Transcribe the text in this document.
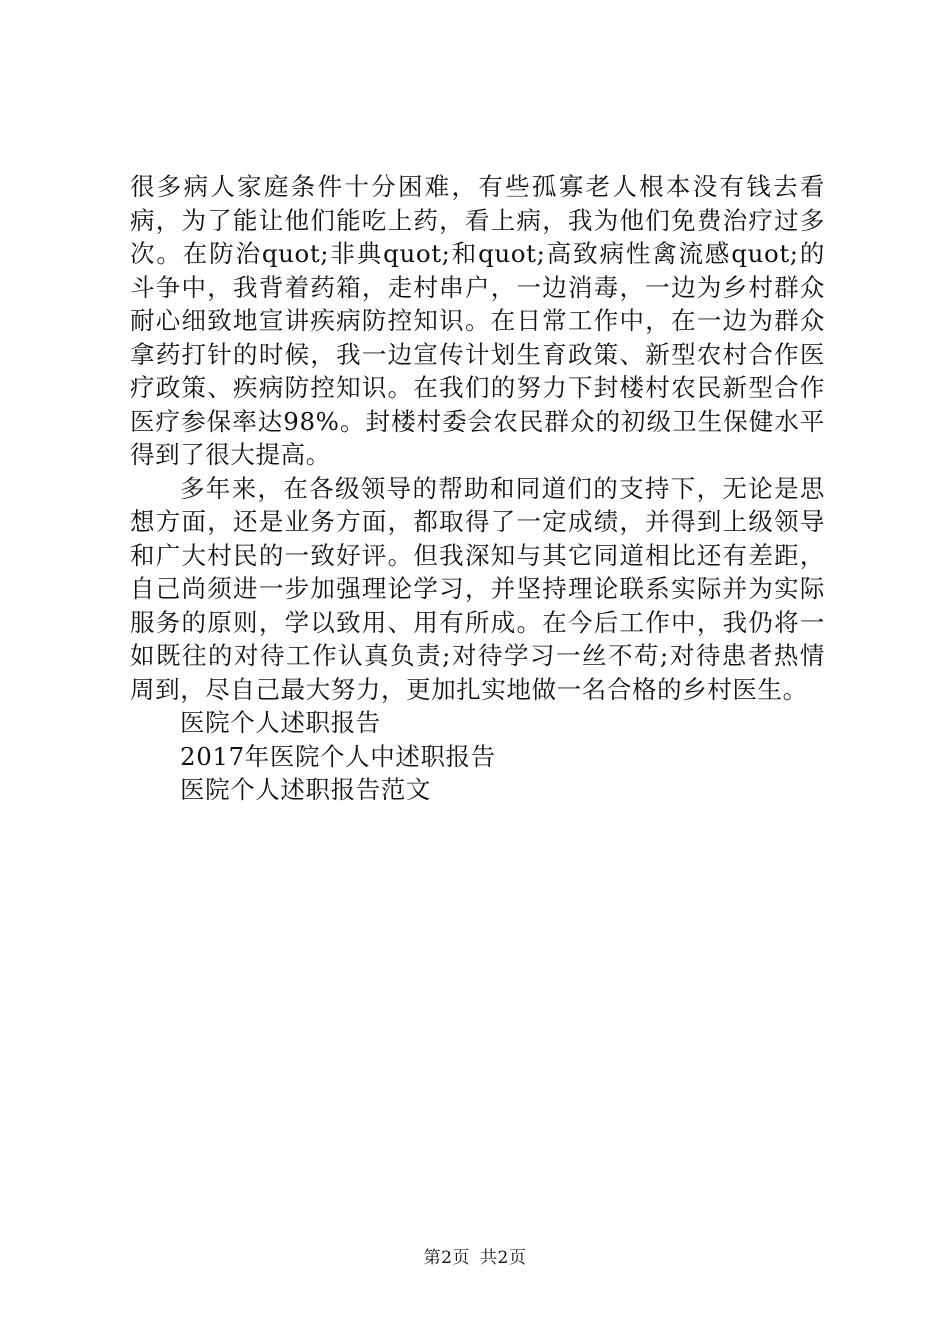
很多病人家庭条件十分困难，有些孤寡老人根本没有钱去看病，为了能让他们能吃上药，看上病，我为他们免费治疗过多次。在防治quot;非典quot;和quot;高致病性禽流感quot;的斗争中，我背着药箱，走村串户，一边消毒，一边为乡村群众耐心细致地宣讲疾病防控知识。在日常工作中，在一边为群众拿药打针的时候，我一边宣传计划生育政策、新型农村合作医疗政策、疾病防控知识。在我们的努力下封楼村农民新型合作医疗参保率达98%。封楼村委会农民群众的初级卫生保健水平得到了很大提高。

多年来，在各级领导的帮助和同道们的支持下，无论是思想方面，还是业务方面，都取得了一定成绩，并得到上级领导和广大村民的一致好评。但我深知与其它同道相比还有差距，自己尚须进一步加强理论学习，并坚持理论联系实际并为实际服务的原则，学以致用、用有所成。在今后工作中，我仍将一如既往的对待工作认真负责;对待学习一丝不苟;对待患者热情周到，尽自己最大努力，更加扎实地做一名合格的乡村医生。

医院个人述职报告
2017年医院个人中述职报告
医院个人述职报告范文
第2页 共2页
